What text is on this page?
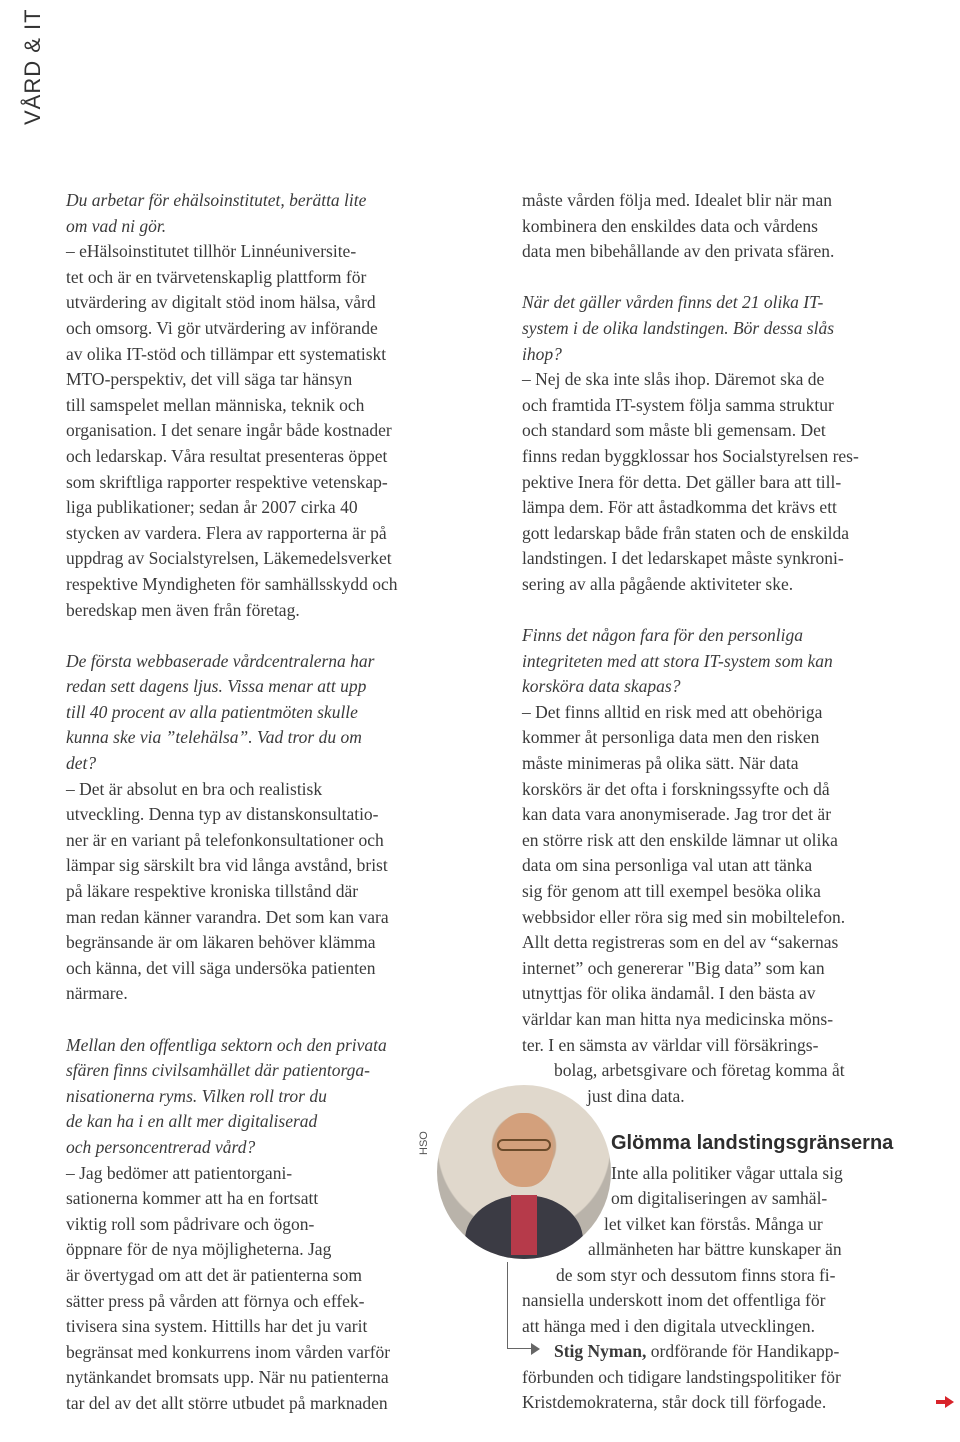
VÅRD & IT

Du arbetar för ehälsoinstitutet, berätta lite
om vad ni gör.
– eHälsoinstitutet tillhör Linnéuniversite-
tet och är en tvärvetenskaplig plattform för
utvärdering av digitalt stöd inom hälsa, vård
och omsorg. Vi gör utvärdering av införande
av olika IT-stöd och tillämpar ett systematiskt
MTO-perspektiv, det vill säga tar hänsyn
till samspelet mellan människa, teknik och
organisation. I det senare ingår både kostnader
och ledarskap. Våra resultat presenteras öppet
som skriftliga rapporter respektive vetenskap-
liga publikationer; sedan år 2007 cirka 40
stycken av vardera. Flera av rapporterna är på
uppdrag av Socialstyrelsen, Läkemedelsverket
respektive Myndigheten för samhällsskydd och
beredskap men även från företag.

De första webbaserade vårdcentralerna har
redan sett dagens ljus. Vissa menar att upp
till 40 procent av alla patientmöten skulle
kunna ske via ”telehälsa”. Vad tror du om
det?
– Det är absolut en bra och realistisk
utveckling. Denna typ av distanskonsultatio-
ner är en variant på telefonkonsultationer och
lämpar sig särskilt bra vid långa avstånd, brist
på läkare respektive kroniska tillstånd där
man redan känner varandra. Det som kan vara
begränsande är om läkaren behöver klämma
och känna, det vill säga undersöka patienten
närmare.

Mellan den offentliga sektorn och den privata
sfären finns civilsamhället där patientorga-
nisationerna ryms. Vilken roll tror du
de kan ha i en allt mer digitaliserad
och personcentrerad vård?
– Jag bedömer att patientorgani-
sationerna kommer att ha en fortsatt
viktig roll som pådrivare och ögon-
öppnare för de nya möjligheterna. Jag
är övertygad om att det är patienterna som
sätter press på vården att förnya och effek-
tivisera sina system. Hittills har det ju varit
begränsat med konkurrens inom vården varför
nytänkandet bromsats upp. När nu patienterna
tar del av det allt större utbudet på marknaden

måste vården följa med. Idealet blir när man
kombinera den enskildes data och vårdens
data men bibehållande av den privata sfären.

När det gäller vården finns det 21 olika IT-
system i de olika landstingen. Bör dessa slås
ihop?
– Nej de ska inte slås ihop. Däremot ska de
och framtida IT-system följa samma struktur
och standard som måste bli gemensam. Det
finns redan byggklossar hos Socialstyrelsen res-
pektive Inera för detta. Det gäller bara att till-
lämpa dem. För att åstadkomma det krävs ett
gott ledarskap både från staten och de enskilda
landstingen. I det ledarskapet måste synkroni-
sering av alla pågående aktiviteter ske.

Finns det någon fara för den personliga
integriteten med att stora IT-system som kan
korsköra data skapas?
– Det finns alltid en risk med att obehöriga
kommer åt personliga data men den risken
måste minimeras på olika sätt. När data
korskörs är det ofta i forskningssyfte och då
kan data vara anonymiserade. Jag tror det är
en större risk att den enskilde lämnar ut olika
data om sina personliga val utan att tänka
sig för genom att till exempel besöka olika
webbsidor eller röra sig med sin mobiltelefon.
Allt detta registreras som en del av “sakernas
internet” och genererar "Big data” som kan
utnyttjas för olika ändamål. I den bästa av
världar kan man hitta nya medicinska möns-
ter. I en sämsta av världar vill försäkrings-
bolag, arbetsgivare och företag komma åt
just dina data.

HSO	Glömma landstingsgränserna
Inte alla politiker vågar uttala sig
om digitaliseringen av samhäl-
let vilket kan förstås. Många ur
allmänheten har bättre kunskaper än
de som styr och dessutom finns stora fi-
nansiella underskott inom det offentliga för
att hänga med i den digitala utvecklingen.
Stig Nyman, ordförande för Handikapp-
förbunden och tidigare landstingspolitiker för
Kristdemokraterna, står dock till förfogade.
